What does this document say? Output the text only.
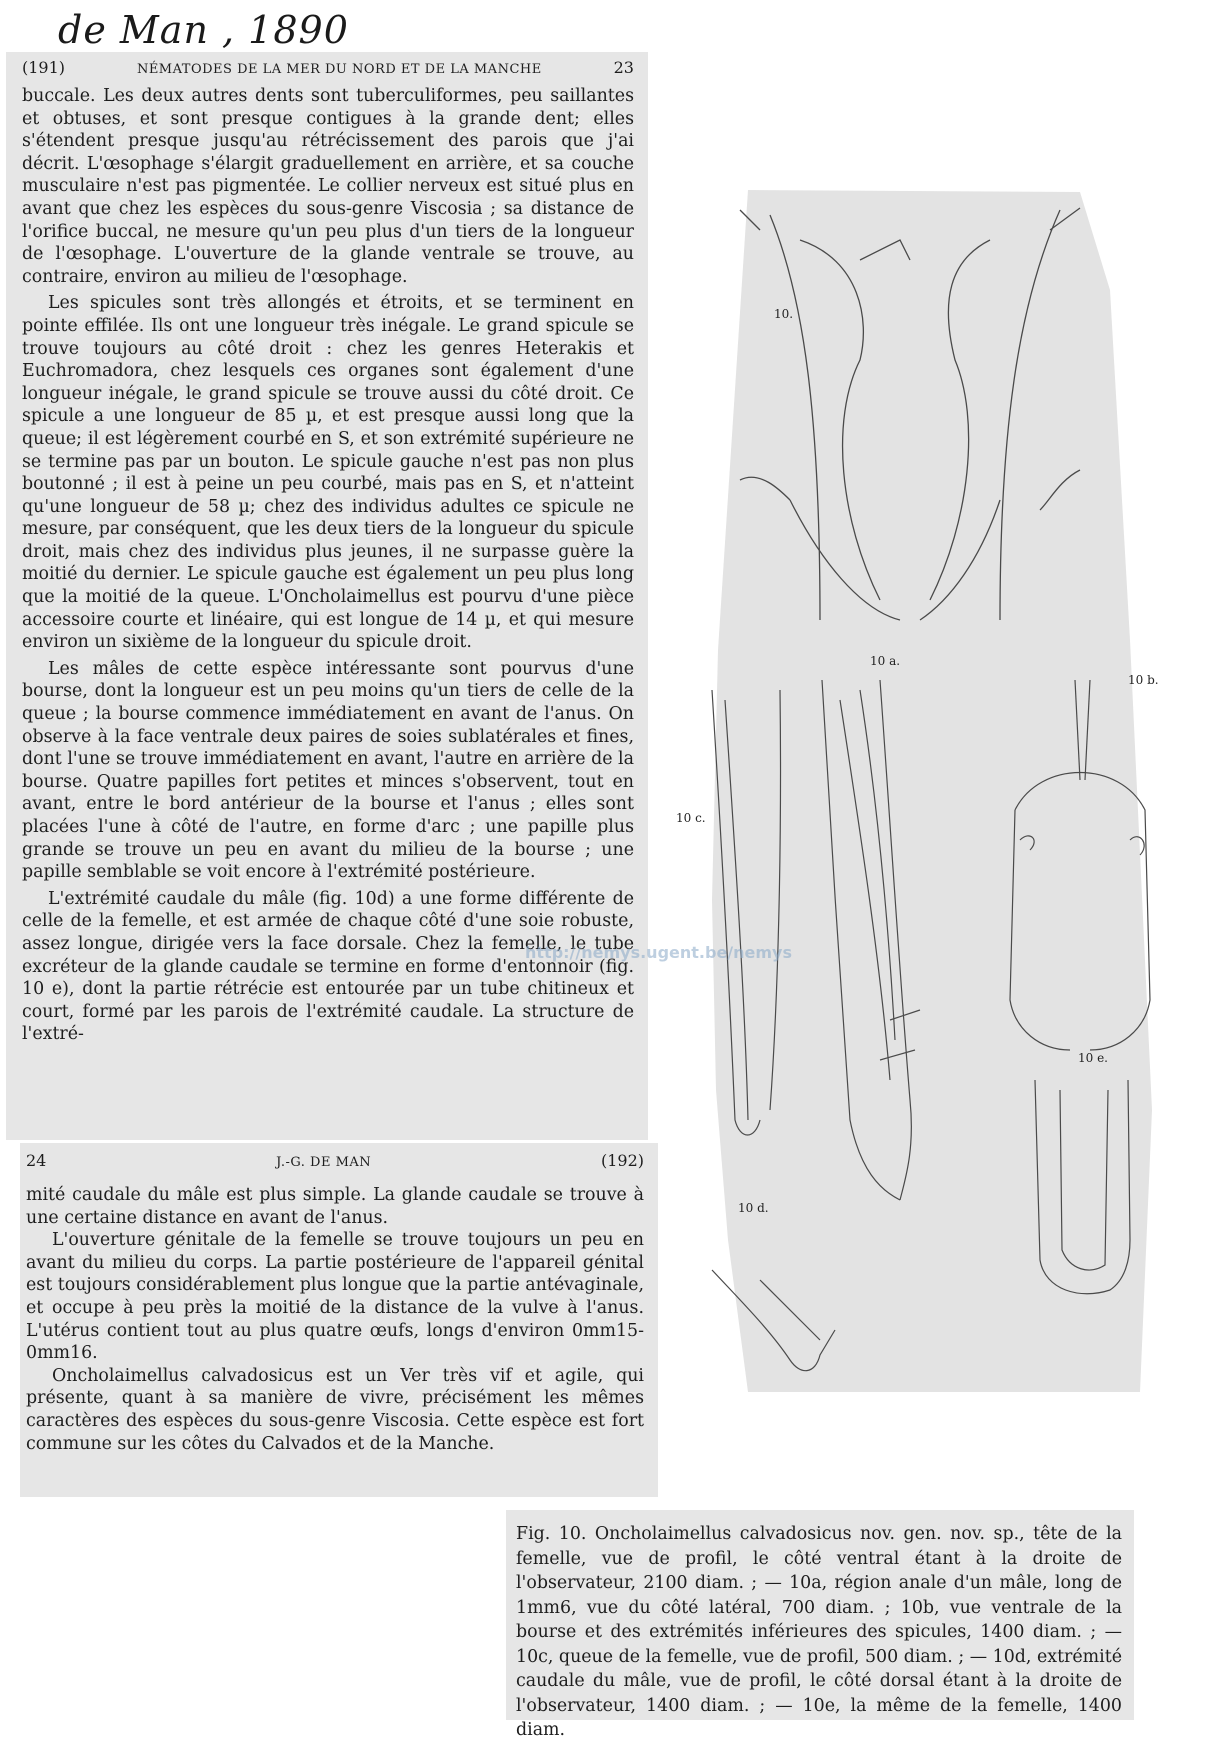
de Man , 1890
(191)	NÉMATODES DE LA MER DU NORD ET DE LA MANCHE	23

buccale. Les deux autres dents sont tuberculiformes, peu saillantes et obtuses, et sont presque contigues à la grande dent; elles s'étendent presque jusqu'au rétrécissement des parois que j'ai décrit. L'œsophage s'élargit graduellement en arrière, et sa couche musculaire n'est pas pigmentée. Le collier nerveux est situé plus en avant que chez les espèces du sous-genre Viscosia ; sa distance de l'orifice buccal, ne mesure qu'un peu plus d'un tiers de la longueur de l'œsophage. L'ouverture de la glande ventrale se trouve, au contraire, environ au milieu de l'œsophage.

Les spicules sont très allongés et étroits, et se terminent en pointe effilée. Ils ont une longueur très inégale. Le grand spicule se trouve toujours au côté droit : chez les genres Heterakis et Euchromadora, chez lesquels ces organes sont également d'une longueur inégale, le grand spicule se trouve aussi du côté droit. Ce spicule a une longueur de 85 µ, et est presque aussi long que la queue; il est légèrement courbé en S, et son extrémité supérieure ne se termine pas par un bouton. Le spicule gauche n'est pas non plus boutonné ; il est à peine un peu courbé, mais pas en S, et n'atteint qu'une longueur de 58 µ; chez des individus adultes ce spicule ne mesure, par conséquent, que les deux tiers de la longueur du spicule droit, mais chez des individus plus jeunes, il ne surpasse guère la moitié du dernier. Le spicule gauche est également un peu plus long que la moitié de la queue. L'Oncholaimellus est pourvu d'une pièce accessoire courte et linéaire, qui est longue de 14 µ, et qui mesure environ un sixième de la longueur du spicule droit.

Les mâles de cette espèce intéressante sont pourvus d'une bourse, dont la longueur est un peu moins qu'un tiers de celle de la queue ; la bourse commence immédiatement en avant de l'anus. On observe à la face ventrale deux paires de soies sublatérales et fines, dont l'une se trouve immédiatement en avant, l'autre en arrière de la bourse. Quatre papilles fort petites et minces s'observent, tout en avant, entre le bord antérieur de la bourse et l'anus ; elles sont placées l'une à côté de l'autre, en forme d'arc ; une papille plus grande se trouve un peu en avant du milieu de la bourse ; une papille semblable se voit encore à l'extrémité postérieure.

L'extrémité caudale du mâle (fig. 10d) a une forme différente de celle de la femelle, et est armée de chaque côté d'une soie robuste, assez longue, dirigée vers la face dorsale. Chez la femelle, le tube excréteur de la glande caudale se termine en forme d'entonnoir (fig. 10 e), dont la partie rétrécie est entourée par un tube chitineux et court, formé par les parois de l'extrémité caudale. La structure de l'extré-

24	J.-G. DE MAN	(192)

mité caudale du mâle est plus simple. La glande caudale se trouve à une certaine distance en avant de l'anus.

L'ouverture génitale de la femelle se trouve toujours un peu en avant du milieu du corps. La partie postérieure de l'appareil génital est toujours considérablement plus longue que la partie antévaginale, et occupe à peu près la moitié de la distance de la vulve à l'anus. L'utérus contient tout au plus quatre œufs, longs d'environ 0mm15-0mm16.

Oncholaimellus calvadosicus est un Ver très vif et agile, qui présente, quant à sa manière de vivre, précisément les mêmes caractères des espèces du sous-genre Viscosia. Cette espèce est fort commune sur les côtes du Calvados et de la Manche.

10.
10 a.
10 b.
10 c.
10 d.
10 e.
http://nemys.ugent.be/nemys

Fig. 10. Oncholaimellus calvadosicus nov. gen. nov. sp., tête de la femelle, vue de profil, le côté ventral étant à la droite de l'observateur, 2100 diam. ; — 10a, région anale d'un mâle, long de 1mm6, vue du côté latéral, 700 diam. ; 10b, vue ventrale de la bourse et des extrémités inférieures des spicules, 1400 diam. ; — 10c, queue de la femelle, vue de profil, 500 diam. ; — 10d, extrémité caudale du mâle, vue de profil, le côté dorsal étant à la droite de l'observateur, 1400 diam. ; — 10e, la même de la femelle, 1400 diam.
